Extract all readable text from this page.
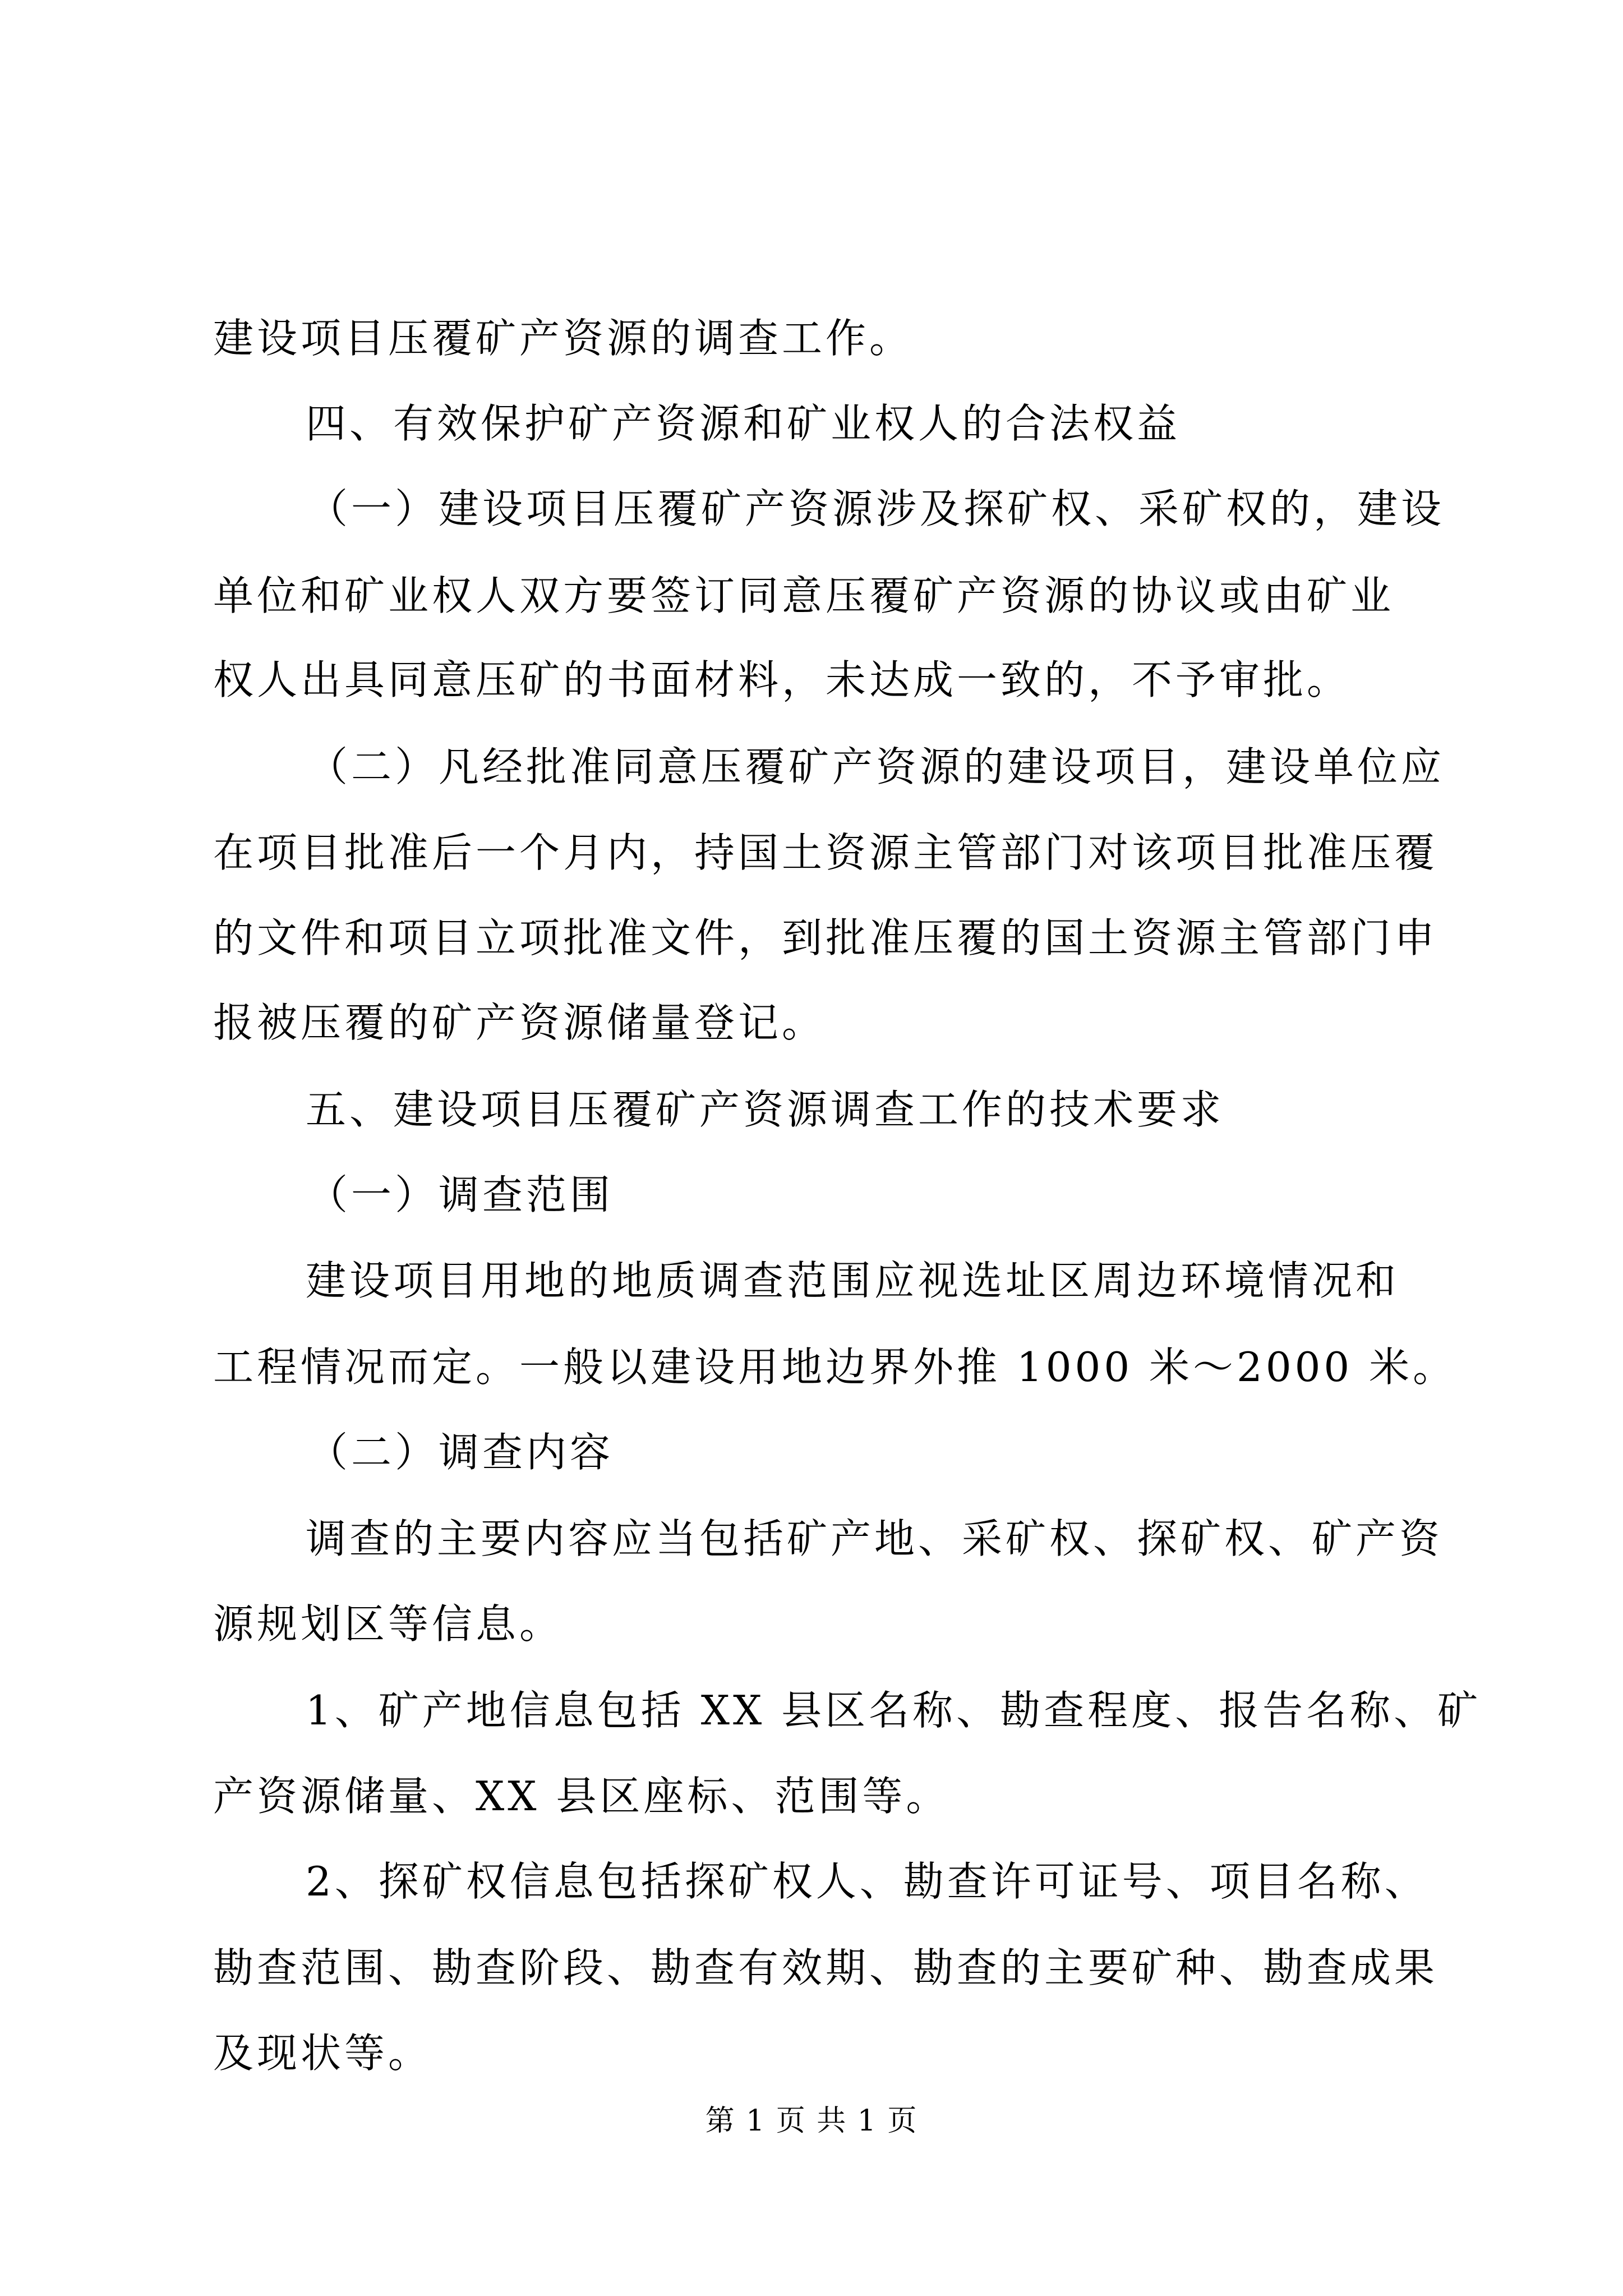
建设项目压覆矿产资源的调查工作。

四、有效保护矿产资源和矿业权人的合法权益

（一）建设项目压覆矿产资源涉及探矿权、采矿权的，建设

单位和矿业权人双方要签订同意压覆矿产资源的协议或由矿业

权人出具同意压矿的书面材料，未达成一致的，不予审批。

（二）凡经批准同意压覆矿产资源的建设项目，建设单位应

在项目批准后一个月内，持国土资源主管部门对该项目批准压覆

的文件和项目立项批准文件，到批准压覆的国土资源主管部门申

报被压覆的矿产资源储量登记。

五、建设项目压覆矿产资源调查工作的技术要求

（一）调查范围

建设项目用地的地质调查范围应视选址区周边环境情况和

工程情况而定。一般以建设用地边界外推 1000 米～2000 米。

（二）调查内容

调查的主要内容应当包括矿产地、采矿权、探矿权、矿产资

源规划区等信息。

1、矿产地信息包括 XX 县区名称、勘查程度、报告名称、矿

产资源储量、XX 县区座标、范围等。

2、探矿权信息包括探矿权人、勘查许可证号、项目名称、

勘查范围、勘查阶段、勘查有效期、勘查的主要矿种、勘查成果

及现状等。

第 1 页 共 1 页
